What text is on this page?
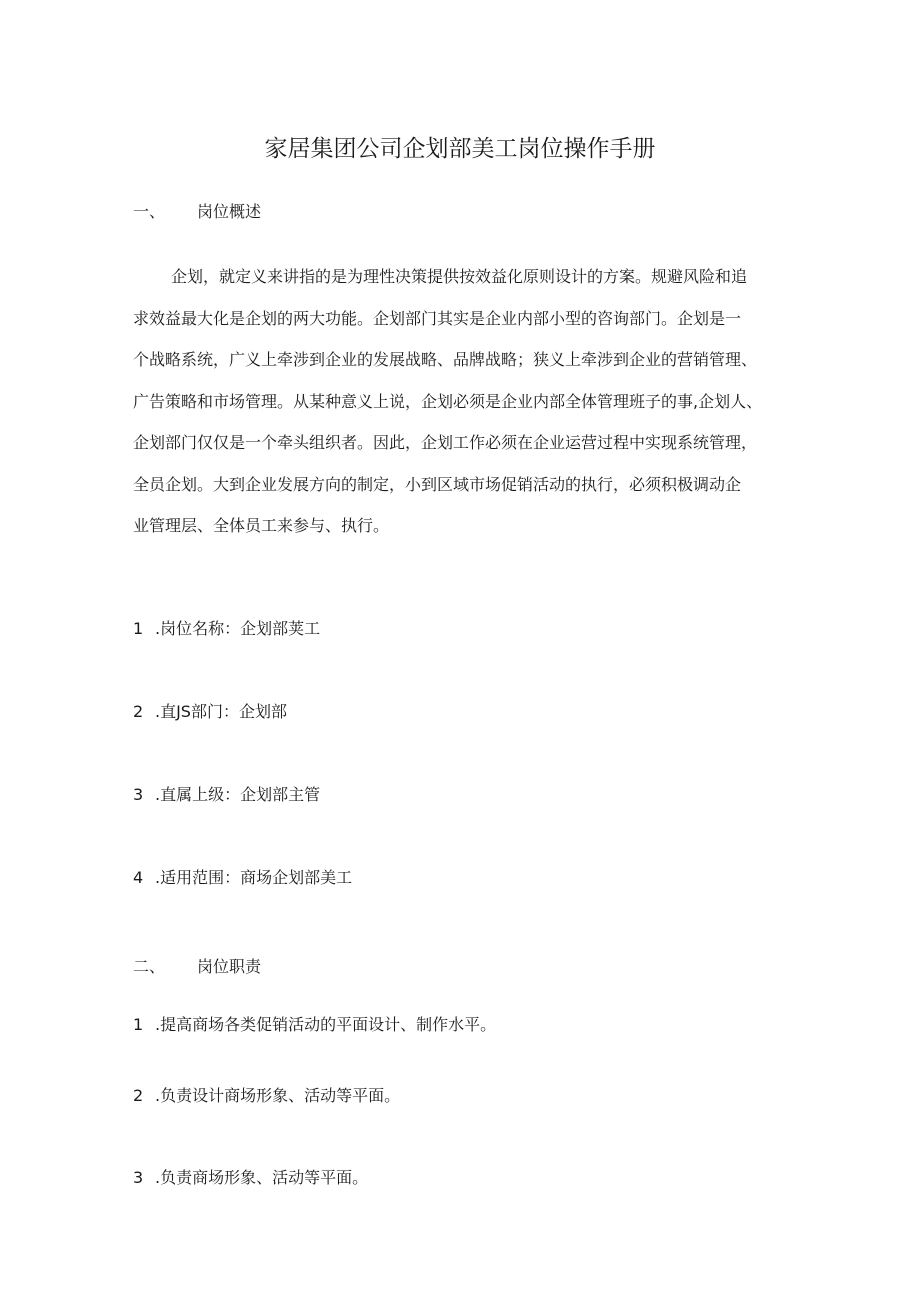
家居集团公司企划部美工岗位操作手册
一、 岗位概述
企划，就定义来讲指的是为理性决策提供按效益化原则设计的方案。规避风险和追
求效益最大化是企划的两大功能。企划部门其实是企业内部小型的咨询部门。企划是一
个战略系统，广义上牵涉到企业的发展战略、品牌战略；狭义上牵涉到企业的营销管理、
广告策略和市场管理。从某种意义上说，企划必须是企业内部全体管理班子的事,企划人、
企划部门仅仅是一个牵头组织者。因此，企划工作必须在企业运营过程中实现系统管理，
全员企划。大到企业发展方向的制定，小到区域市场促销活动的执行，必须积极调动企
业管理层、全体员工来参与、执行。
1 .岗位名称：企划部荚工
2 .直JS部门：企划部
3 .直属上级：企划部主管
4 .适用范围：商场企划部美工
二、 岗位职责
1 .提高商场各类促销活动的平面设计、制作水平。
2 .负责设计商场形象、活动等平面。
3 .负责商场形象、活动等平面。
